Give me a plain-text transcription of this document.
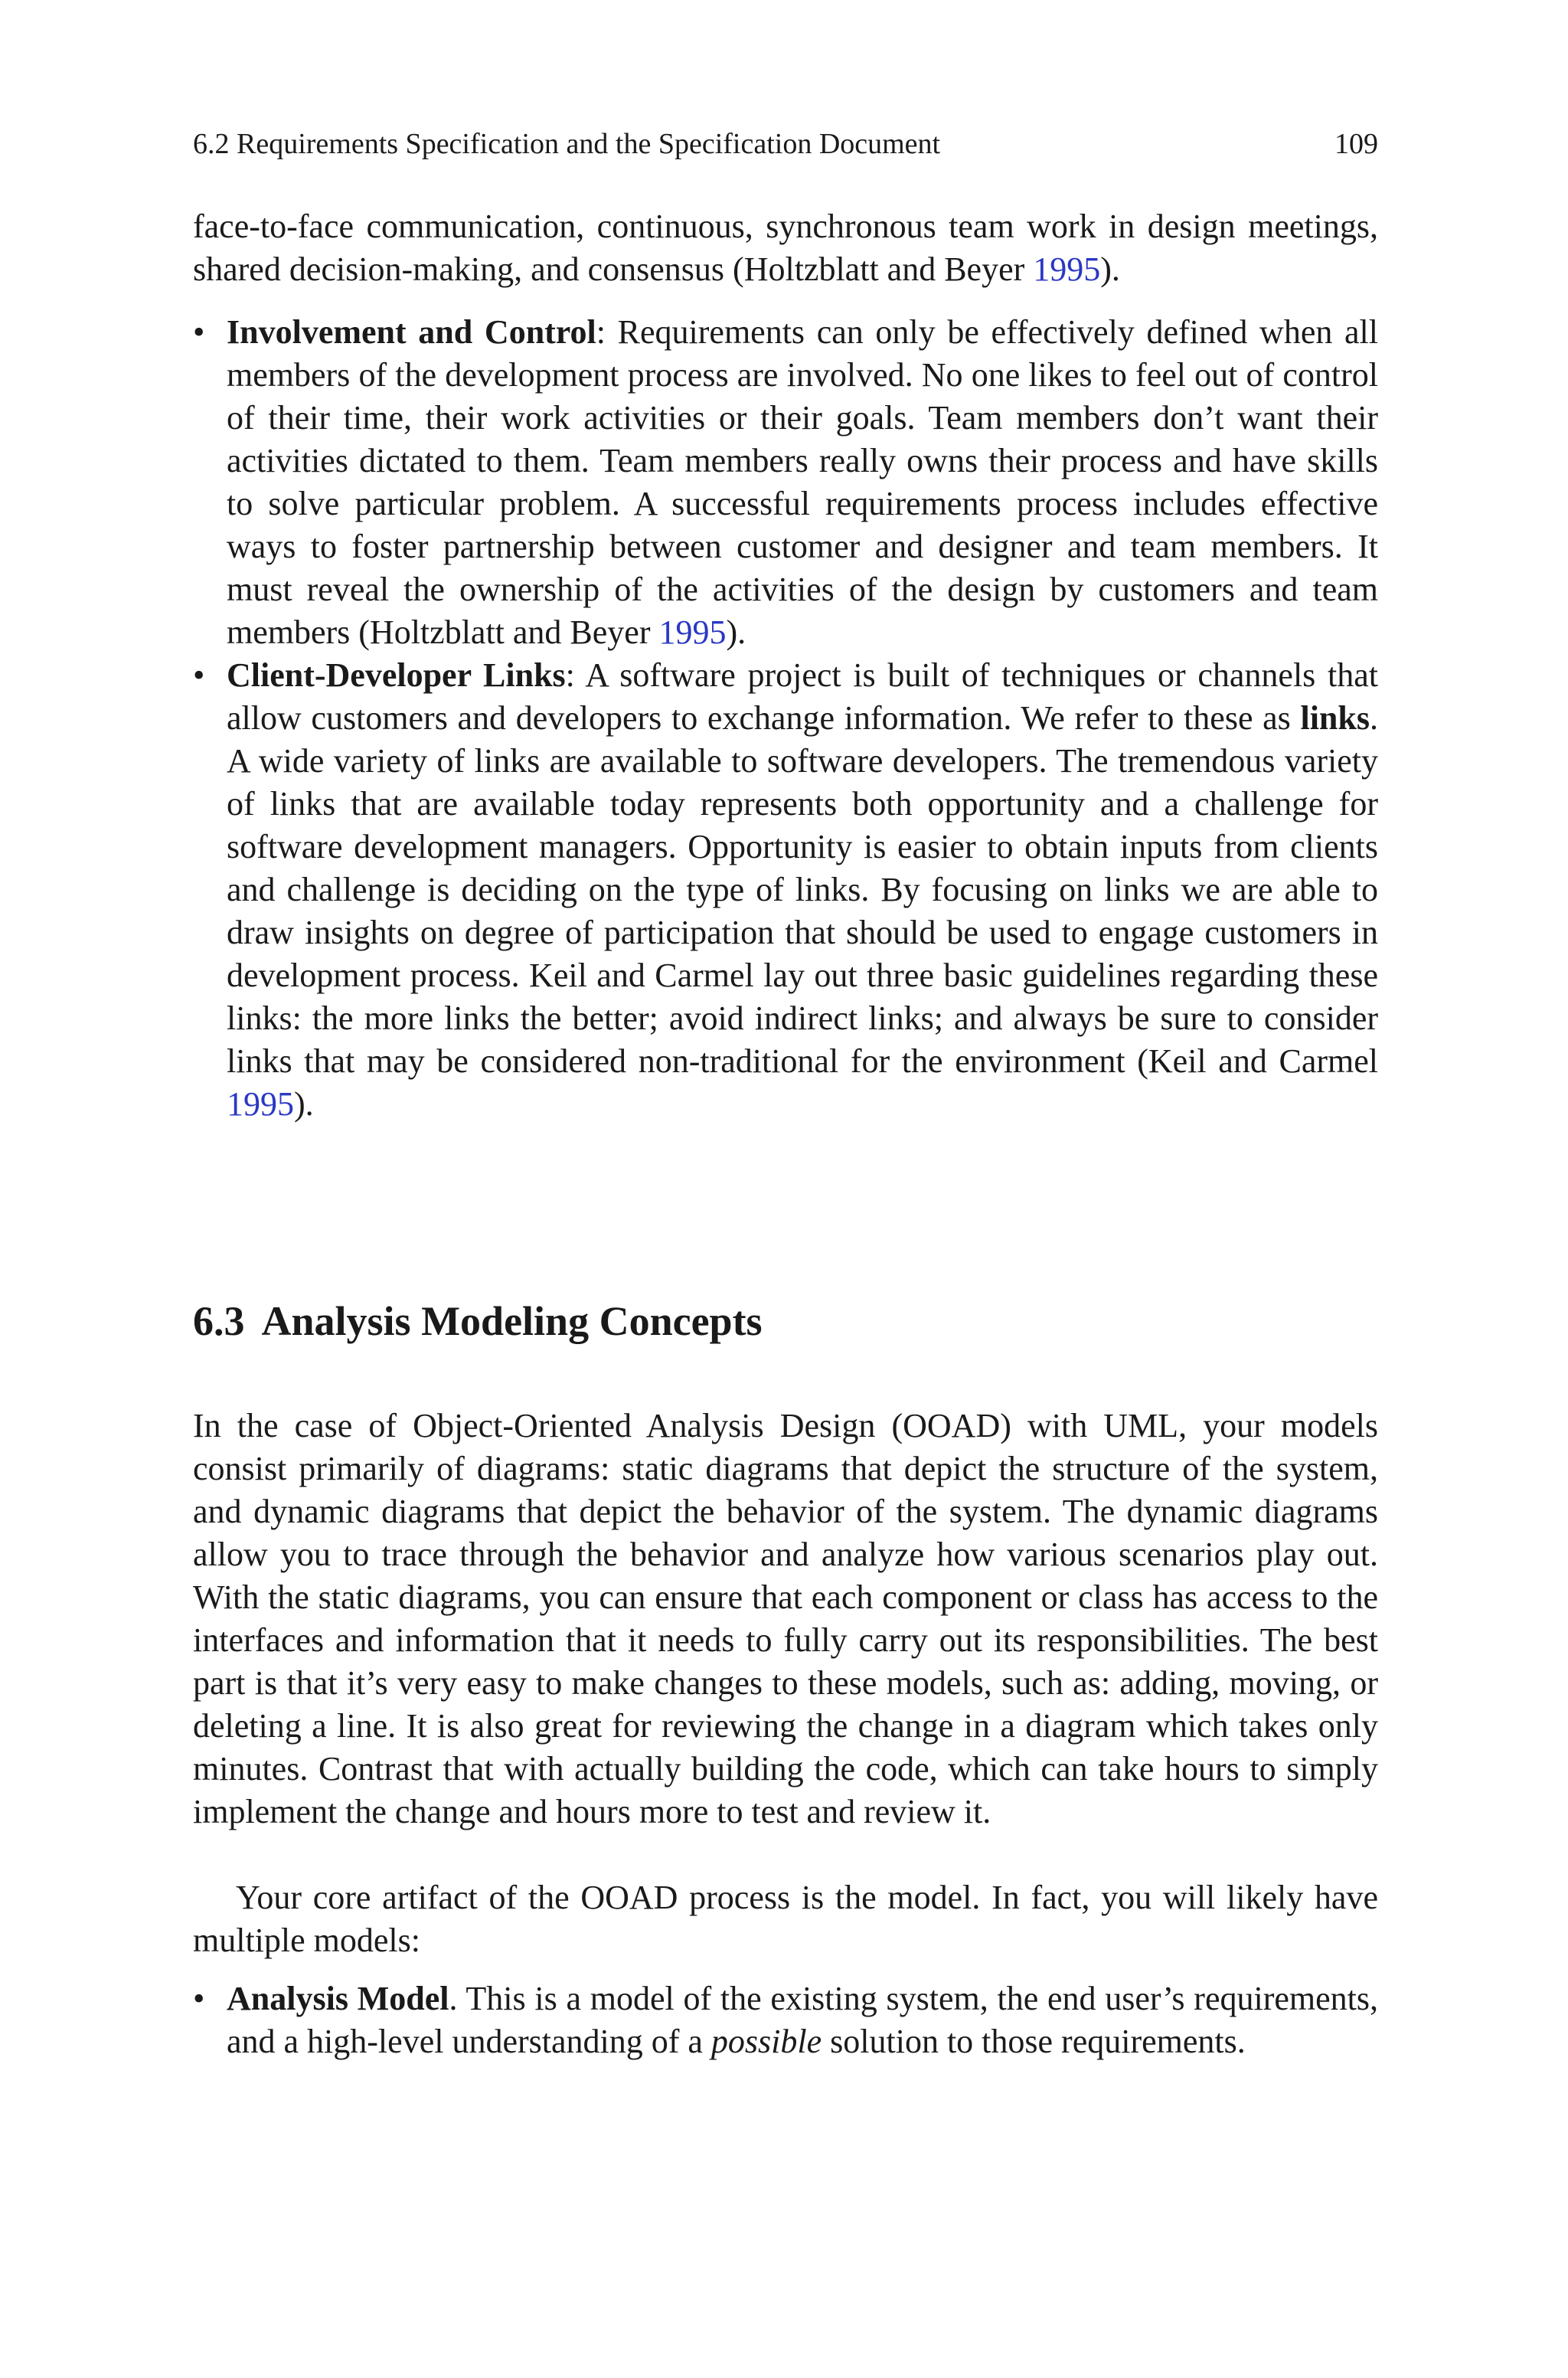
6.2 Requirements Specification and the Specification Document	109

face-to-face communication, continuous, synchronous team work in design meetings, shared decision-making, and consensus (Holtzblatt and Beyer 1995).

• Involvement and Control: Requirements can only be effectively defined when all members of the development process are involved. No one likes to feel out of control of their time, their work activities or their goals. Team members don’t want their activities dictated to them. Team members really owns their process and have skills to solve particular problem. A successful requirements process includes effective ways to foster partnership between customer and designer and team members. It must reveal the ownership of the activities of the design by customers and team members (Holtzblatt and Beyer 1995).
• Client-Developer Links: A software project is built of techniques or channels that allow customers and developers to exchange information. We refer to these as links. A wide variety of links are available to software developers. The tremendous variety of links that are available today represents both opportunity and a challenge for software development managers. Opportunity is easier to obtain inputs from clients and challenge is deciding on the type of links. By focusing on links we are able to draw insights on degree of participation that should be used to engage customers in development process. Keil and Carmel lay out three basic guidelines regarding these links: the more links the better; avoid indirect links; and always be sure to consider links that may be considered non-traditional for the environment (Keil and Carmel 1995).
6.3 Analysis Modeling Concepts

In the case of Object-Oriented Analysis Design (OOAD) with UML, your models consist primarily of diagrams: static diagrams that depict the structure of the system, and dynamic diagrams that depict the behavior of the system. The dynamic diagrams allow you to trace through the behavior and analyze how various scenarios play out. With the static diagrams, you can ensure that each component or class has access to the interfaces and information that it needs to fully carry out its responsibilities. The best part is that it’s very easy to make changes to these models, such as: adding, moving, or deleting a line. It is also great for reviewing the change in a diagram which takes only minutes. Contrast that with actually building the code, which can take hours to simply implement the change and hours more to test and review it.

Your core artifact of the OOAD process is the model. In fact, you will likely have multiple models:

• Analysis Model. This is a model of the existing system, the end user’s requirements, and a high-level understanding of a possible solution to those requirements.
